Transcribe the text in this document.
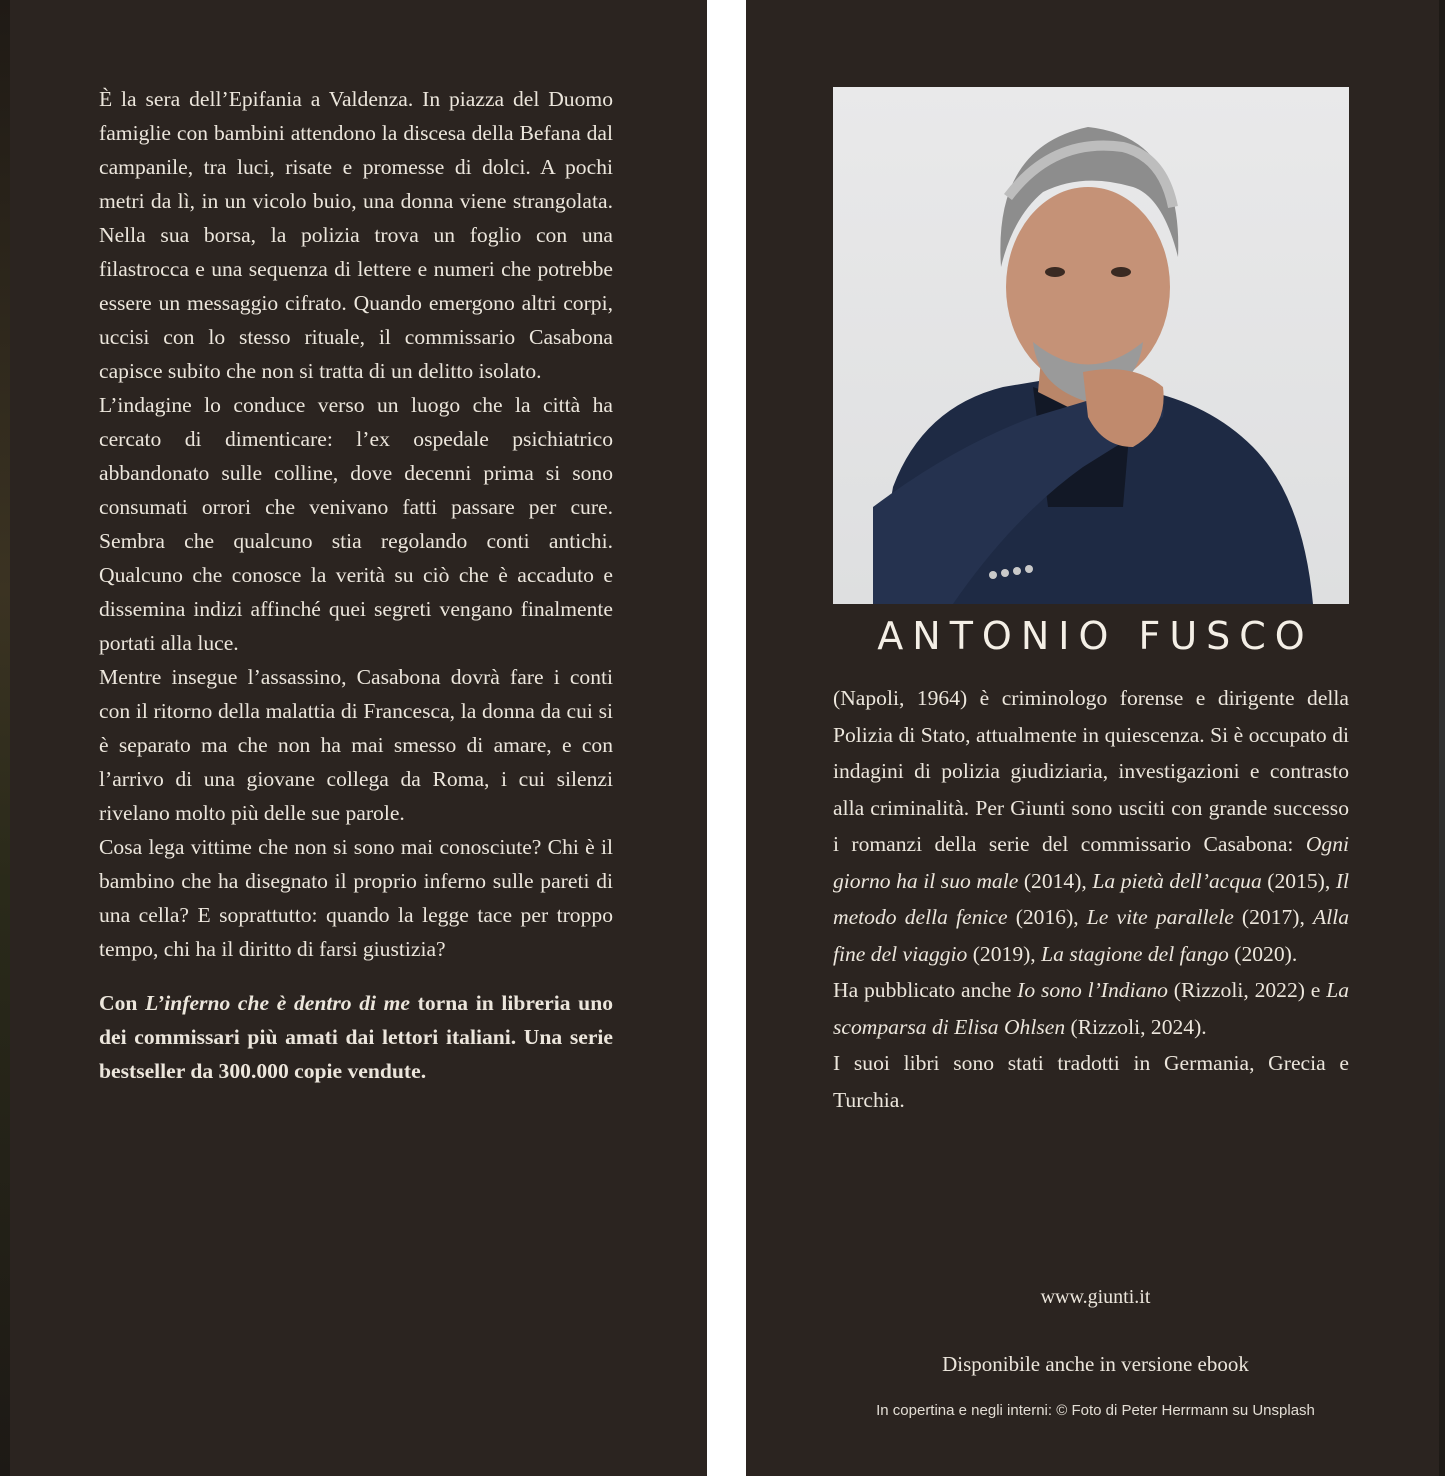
È la sera dell’Epifania a Valdenza. In piazza del Duomo famiglie con bambini attendono la discesa della Befana dal campanile, tra luci, risate e promesse di dolci. A pochi metri da lì, in un vicolo buio, una donna viene strangolata. Nella sua borsa, la polizia trova un foglio con una filastrocca e una sequenza di lettere e numeri che potrebbe essere un messaggio cifrato. Quando emergono altri corpi, uccisi con lo stesso rituale, il commissario Casabona capisce subito che non si tratta di un delitto isolato.

L’indagine lo conduce verso un luogo che la città ha cercato di dimenticare: l’ex ospedale psichiatrico abbandonato sulle colline, dove decenni prima si sono consumati orrori che venivano fatti passare per cure. Sembra che qualcuno stia regolando conti antichi. Qualcuno che conosce la verità su ciò che è accaduto e dissemina indizi affinché quei segreti vengano finalmente portati alla luce.

Mentre insegue l’assassino, Casabona dovrà fare i conti con il ritorno della malattia di Francesca, la donna da cui si è separato ma che non ha mai smesso di amare, e con l’arrivo di una giovane collega da Roma, i cui silenzi rivelano molto più delle sue parole.

Cosa lega vittime che non si sono mai conosciute? Chi è il bambino che ha disegnato il proprio inferno sulle pareti di una cella? E soprattutto: quando la legge tace per troppo tempo, chi ha il diritto di farsi giustizia?

Con L’inferno che è dentro di me torna in libreria uno dei commissari più amati dai lettori italiani. Una serie bestseller da 300.000 copie vendute.

ANTONIO FUSCO

(Napoli, 1964) è criminologo forense e dirigente della Polizia di Stato, attualmente in quiescenza. Si è occupato di indagini di polizia giudiziaria, investigazioni e contrasto alla criminalità. Per Giunti sono usciti con grande successo i romanzi della serie del commissario Casabona: Ogni giorno ha il suo male (2014), La pietà dell’acqua (2015), Il metodo della fenice (2016), Le vite parallele (2017), Alla fine del viaggio (2019), La stagione del fango (2020).

Ha pubblicato anche Io sono l’Indiano (Rizzoli, 2022) e La scomparsa di Elisa Ohlsen (Rizzoli, 2024).

I suoi libri sono stati tradotti in Germania, Grecia e Turchia.

www.giunti.it
Disponibile anche in versione ebook
In copertina e negli interni: © Foto di Peter Herrmann su Unsplash
